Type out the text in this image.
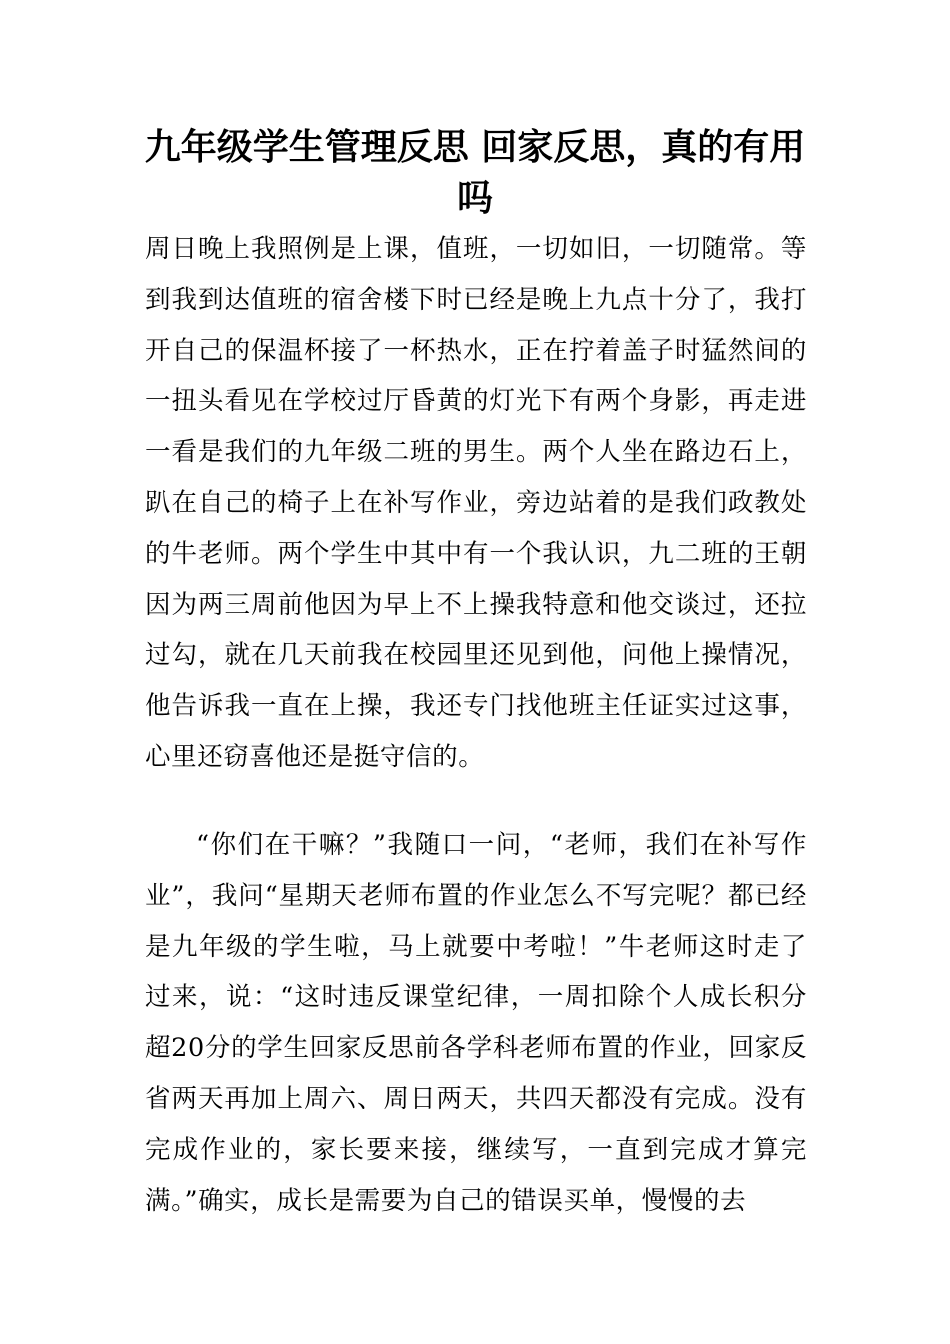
九年级学生管理反思 回家反思，真的有用吗

周日晚上我照例是上课，值班，一切如旧，一切随常。等到我到达值班的宿舍楼下时已经是晚上九点十分了，我打开自己的保温杯接了一杯热水，正在拧着盖子时猛然间的一扭头看见在学校过厅昏黄的灯光下有两个身影，再走进一看是我们的九年级二班的男生。两个人坐在路边石上，趴在自己的椅子上在补写作业，旁边站着的是我们政教处的牛老师。两个学生中其中有一个我认识，九二班的王朝因为两三周前他因为早上不上操我特意和他交谈过，还拉过勾，就在几天前我在校园里还见到他，问他上操情况，他告诉我一直在上操，我还专门找他班主任证实过这事，心里还窃喜他还是挺守信的。

“你们在干嘛？”我随口一问，“老师，我们在补写作业”，我问“星期天老师布置的作业怎么不写完呢？都已经是九年级的学生啦，马上就要中考啦！”牛老师这时走了过来，说：“这时违反课堂纪律，一周扣除个人成长积分超20分的学生回家反思前各学科老师布置的作业，回家反省两天再加上周六、周日两天，共四天都没有完成。没有完成作业的，家长要来接，继续写，一直到完成才算完满。”确实，成长是需要为自己的错误买单，慢慢的去
